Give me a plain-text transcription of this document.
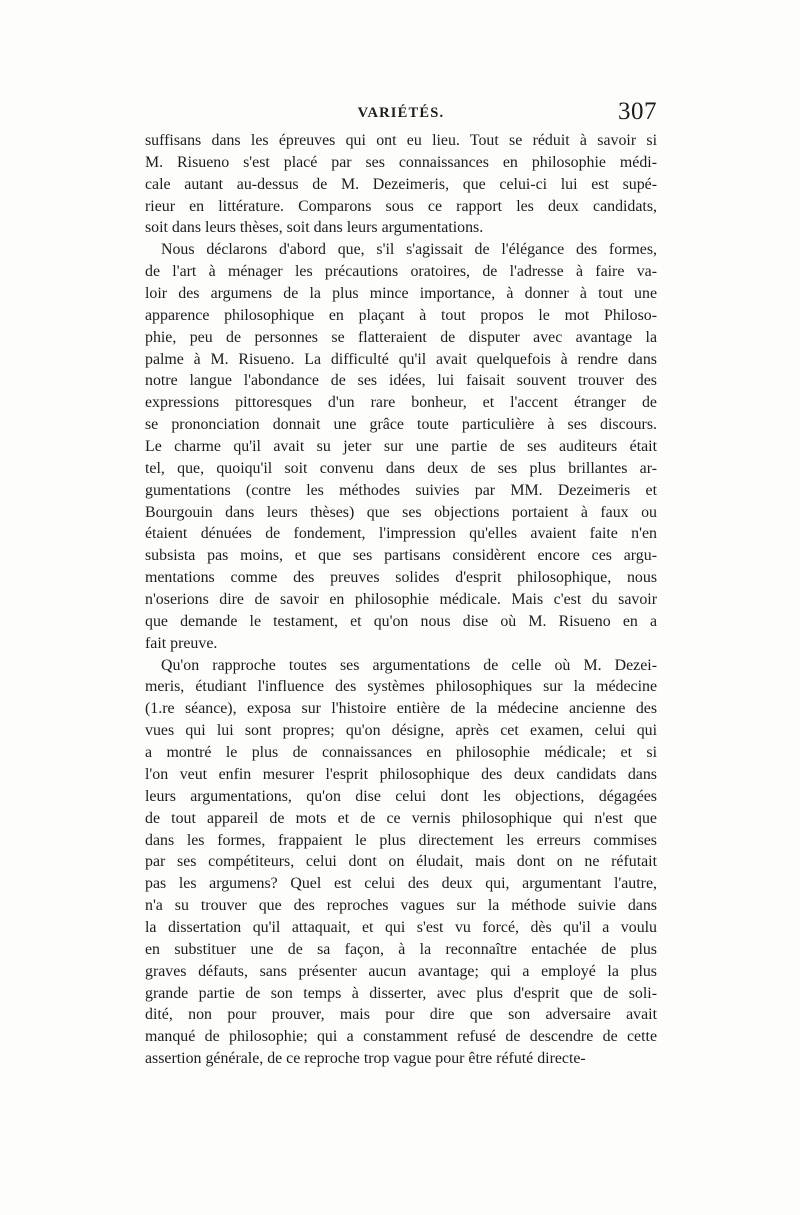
VARIÉTÉS.	307
suffisans dans les épreuves qui ont eu lieu. Tout se réduit à savoir si
M. Risueno s'est placé par ses connaissances en philosophie médi-
cale autant au-dessus de M. Dezeimeris, que celui-ci lui est supé-
rieur en littérature. Comparons sous ce rapport les deux candidats,
soit dans leurs thèses, soit dans leurs argumentations.
Nous déclarons d'abord que, s'il s'agissait de l'élégance des formes,
de l'art à ménager les précautions oratoires, de l'adresse à faire va-
loir des argumens de la plus mince importance, à donner à tout une
apparence philosophique en plaçant à tout propos le mot Philoso-
phie, peu de personnes se flatteraient de disputer avec avantage la
palme à M. Risueno. La difficulté qu'il avait quelquefois à rendre dans
notre langue l'abondance de ses idées, lui faisait souvent trouver des
expressions pittoresques d'un rare bonheur, et l'accent étranger de
se prononciation donnait une grâce toute particulière à ses discours.
Le charme qu'il avait su jeter sur une partie de ses auditeurs était
tel, que, quoiqu'il soit convenu dans deux de ses plus brillantes ar-
gumentations (contre les méthodes suivies par MM. Dezeimeris et
Bourgouin dans leurs thèses) que ses objections portaient à faux ou
étaient dénuées de fondement, l'impression qu'elles avaient faite n'en
subsista pas moins, et que ses partisans considèrent encore ces argu-
mentations comme des preuves solides d'esprit philosophique, nous
n'oserions dire de savoir en philosophie médicale. Mais c'est du savoir
que demande le testament, et qu'on nous dise où M. Risueno en a
fait preuve.
Qu'on rapproche toutes ses argumentations de celle où M. Dezei-
meris, étudiant l'influence des systèmes philosophiques sur la médecine
(1.re séance), exposa sur l'histoire entière de la médecine ancienne des
vues qui lui sont propres; qu'on désigne, après cet examen, celui qui
a montré le plus de connaissances en philosophie médicale; et si
l'on veut enfin mesurer l'esprit philosophique des deux candidats dans
leurs argumentations, qu'on dise celui dont les objections, dégagées
de tout appareil de mots et de ce vernis philosophique qui n'est que
dans les formes, frappaient le plus directement les erreurs commises
par ses compétiteurs, celui dont on éludait, mais dont on ne réfutait
pas les argumens? Quel est celui des deux qui, argumentant l'autre,
n'a su trouver que des reproches vagues sur la méthode suivie dans
la dissertation qu'il attaquait, et qui s'est vu forcé, dès qu'il a voulu
en substituer une de sa façon, à la reconnaître entachée de plus
graves défauts, sans présenter aucun avantage; qui a employé la plus
grande partie de son temps à disserter, avec plus d'esprit que de soli-
dité, non pour prouver, mais pour dire que son adversaire avait
manqué de philosophie; qui a constamment refusé de descendre de cette
assertion générale, de ce reproche trop vague pour être réfuté directe-
